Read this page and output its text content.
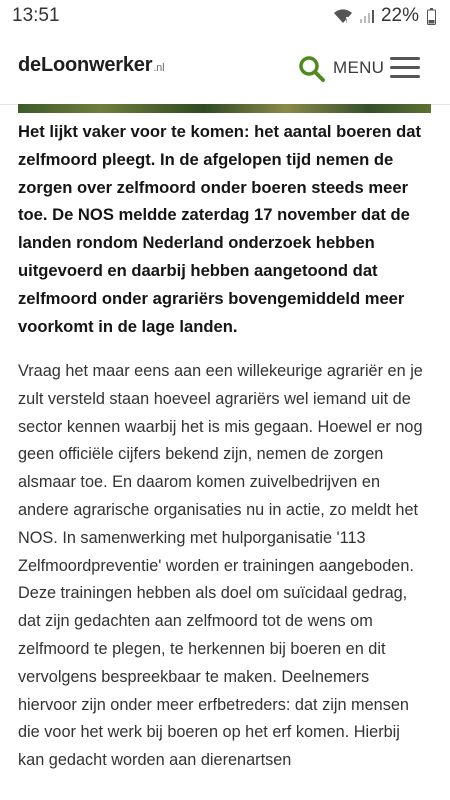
13:51	! 22%
de Loonwerker .nl	MENU

Het lijkt vaker voor te komen: het aantal boeren dat zelfmoord pleegt. In de afgelopen tijd nemen de zorgen over zelfmoord onder boeren steeds meer toe. De NOS meldde zaterdag 17 november dat de landen rondom Nederland onderzoek hebben uitgevoerd en daarbij hebben aangetoond dat zelfmoord onder agrariërs bovengemiddeld meer voorkomt in de lage landen.

Vraag het maar eens aan een willekeurige agrariër en je zult versteld staan hoeveel agrariërs wel iemand uit de sector kennen waarbij het is mis gegaan. Hoewel er nog geen officiële cijfers bekend zijn, nemen de zorgen alsmaar toe. En daarom komen zuivelbedrijven en andere agrarische organisaties nu in actie, zo meldt het NOS. In samenwerking met hulporganisatie '113 Zelfmoordpreventie' worden er trainingen aangeboden. Deze trainingen hebben als doel om suïcidaal gedrag, dat zijn gedachten aan zelfmoord tot de wens om zelfmoord te plegen, te herkennen bij boeren en dit vervolgens bespreekbaar te maken. Deelnemers hiervoor zijn onder meer erfbetreders: dat zijn mensen die voor het werk bij boeren op het erf komen. Hierbij kan gedacht worden aan dierenartsen
